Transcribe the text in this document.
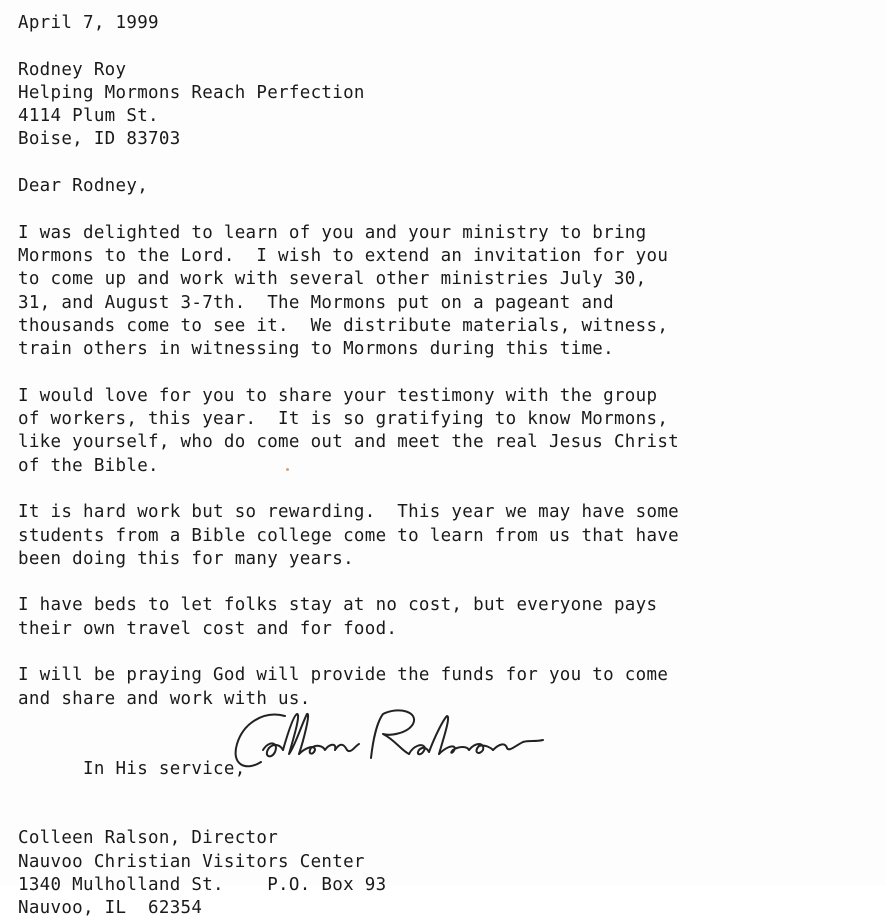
April 7, 1999
Rodney Roy
Helping Mormons Reach Perfection
4114 Plum St.
Boise, ID 83703
Dear Rodney,
I was delighted to learn of you and your ministry to bring
Mormons to the Lord.  I wish to extend an invitation for you
to come up and work with several other ministries July 30,
31, and August 3-7th.  The Mormons put on a pageant and
thousands come to see it.  We distribute materials, witness,
train others in witnessing to Mormons during this time.
I would love for you to share your testimony with the group
of workers, this year.  It is so gratifying to know Mormons,
like yourself, who do come out and meet the real Jesus Christ
of the Bible.
It is hard work but so rewarding.  This year we may have some
students from a Bible college come to learn from us that have
been doing this for many years.
I have beds to let folks stay at no cost, but everyone pays
their own travel cost and for food.
I will be praying God will provide the funds for you to come
and share and work with us.

In His service,

Colleen Ralson, Director
Nauvoo Christian Visitors Center
1340 Mulholland St.    P.O. Box 93
Nauvoo, IL  62354
